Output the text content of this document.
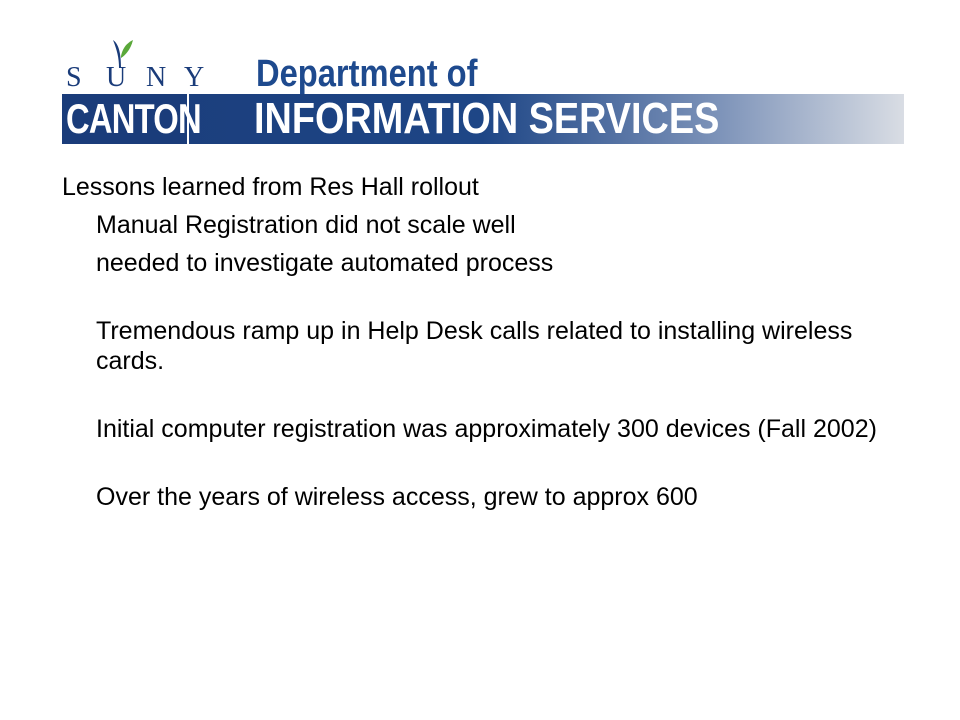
S U N Y
CANTON
Department of
INFORMATION SERVICES
Lessons learned from Res Hall rollout
Manual Registration did not scale well
needed to investigate automated process
Tremendous ramp up in Help Desk calls related to installing wireless cards.
Initial computer registration was approximately 300 devices (Fall 2002)
Over the years of wireless access, grew to approx 600
